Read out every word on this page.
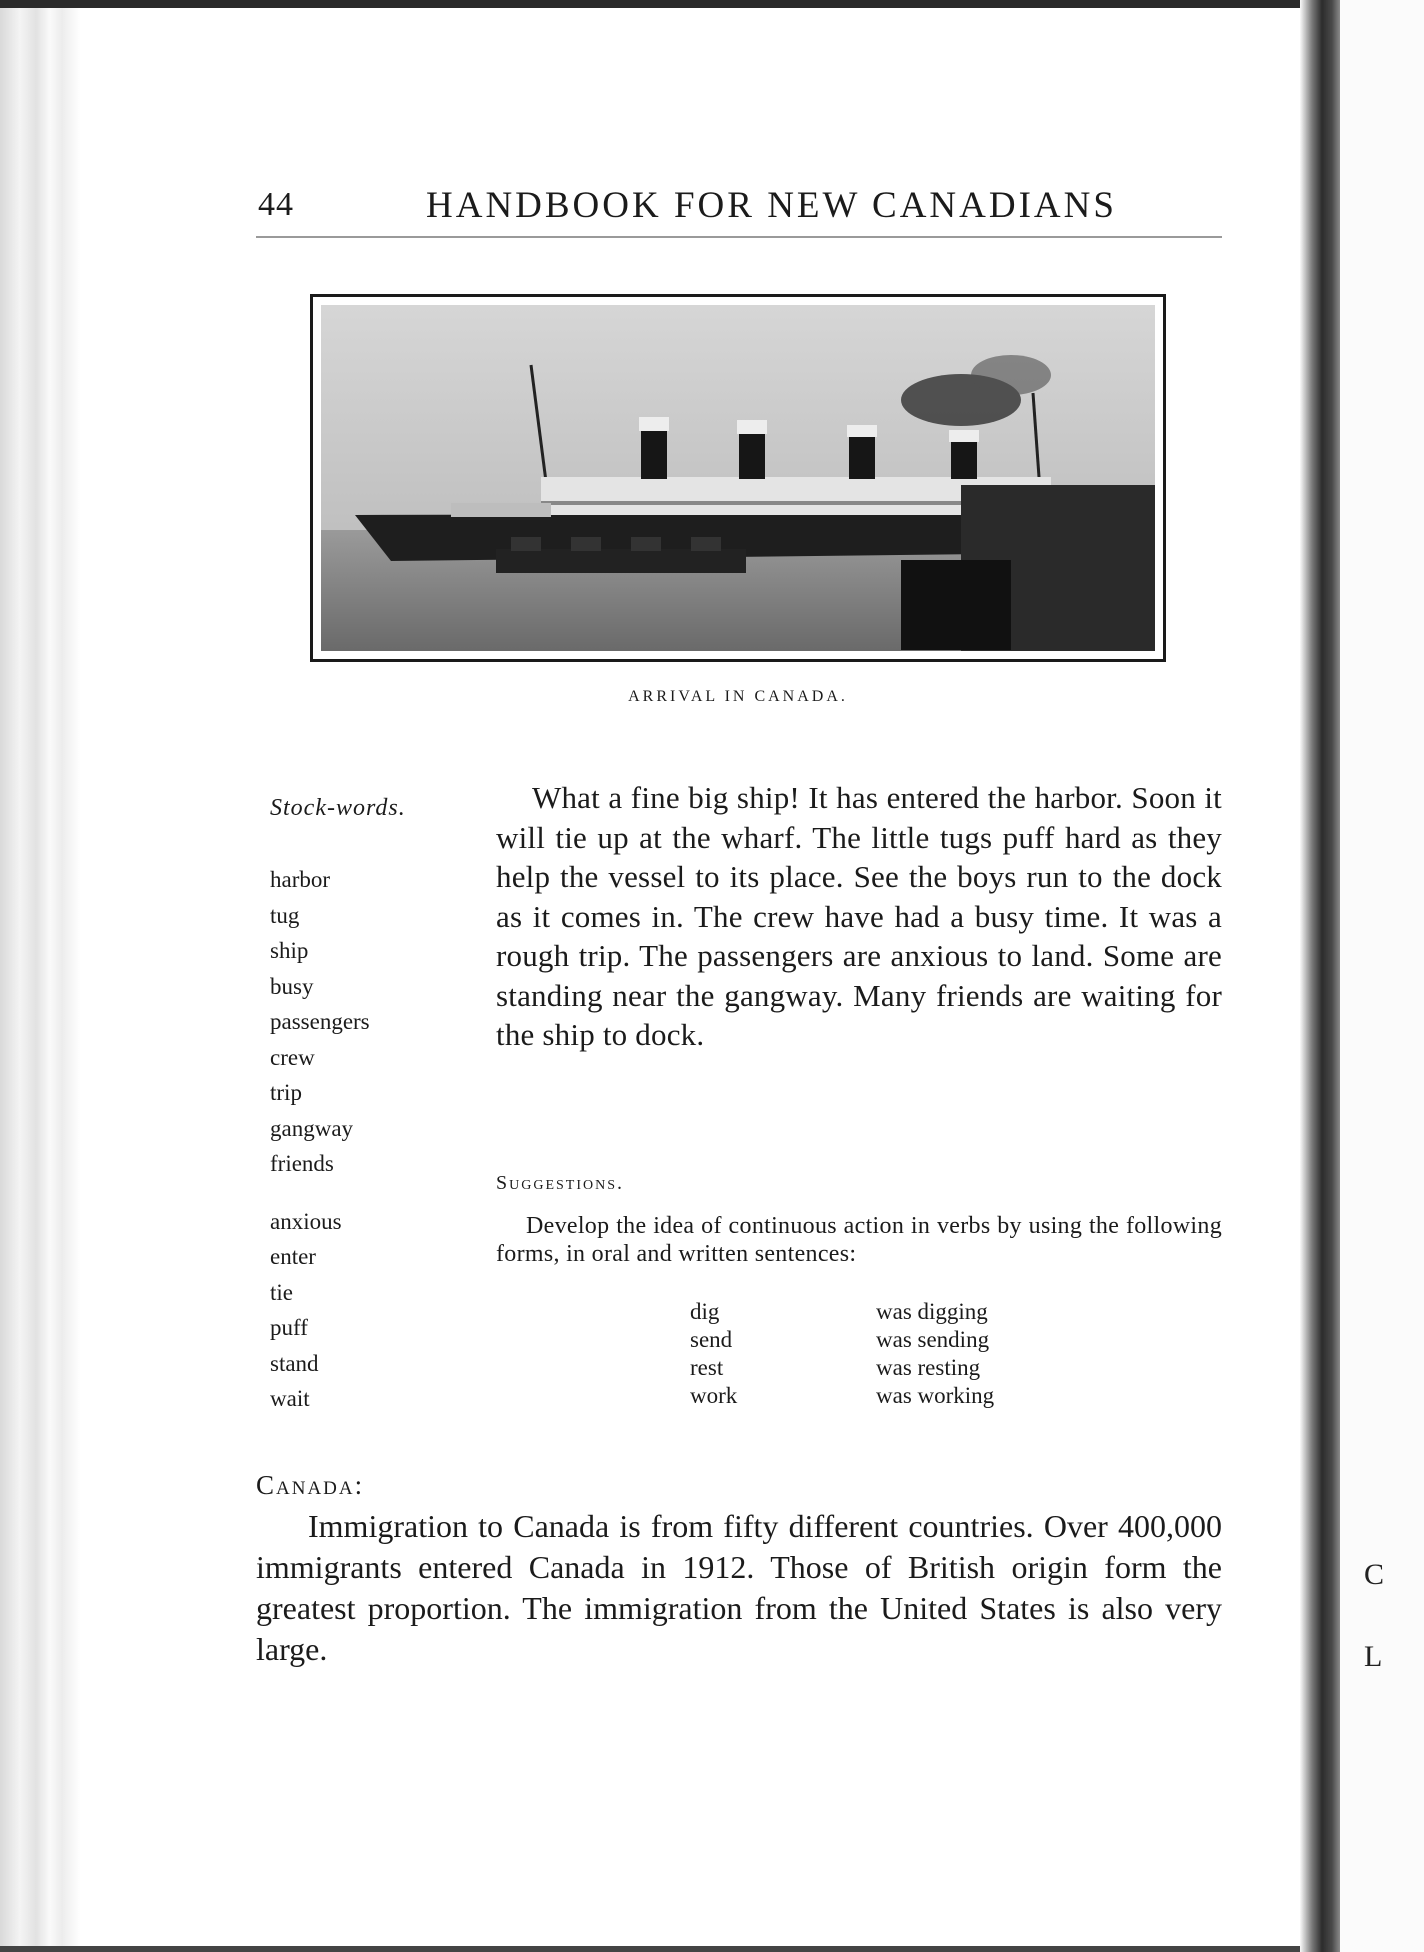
C
L
44	HANDBOOK FOR NEW CANADIANS
ARRIVAL IN CANADA.
Stock-words.
harbor
tug
ship
busy
passengers
crew
trip
gangway
friends
anxious
enter
tie
puff
stand
wait

What a fine big ship! It has entered the harbor. Soon it will tie up at the wharf. The little tugs puff hard as they help the vessel to its place. See the boys run to the dock as it comes in. The crew have had a busy time. It was a rough trip. The passengers are anxious to land. Some are standing near the gangway. Many friends are waiting for the ship to dock.

Suggestions.

Develop the idea of continuous action in verbs by using the following forms, in oral and written sentences:

dig	was digging
send	was sending
rest	was resting
work	was working
Canada:

Immigration to Canada is from fifty different countries. Over 400,000 immigrants entered Canada in 1912. Those of British origin form the greatest proportion. The immigration from the United States is also very large.
